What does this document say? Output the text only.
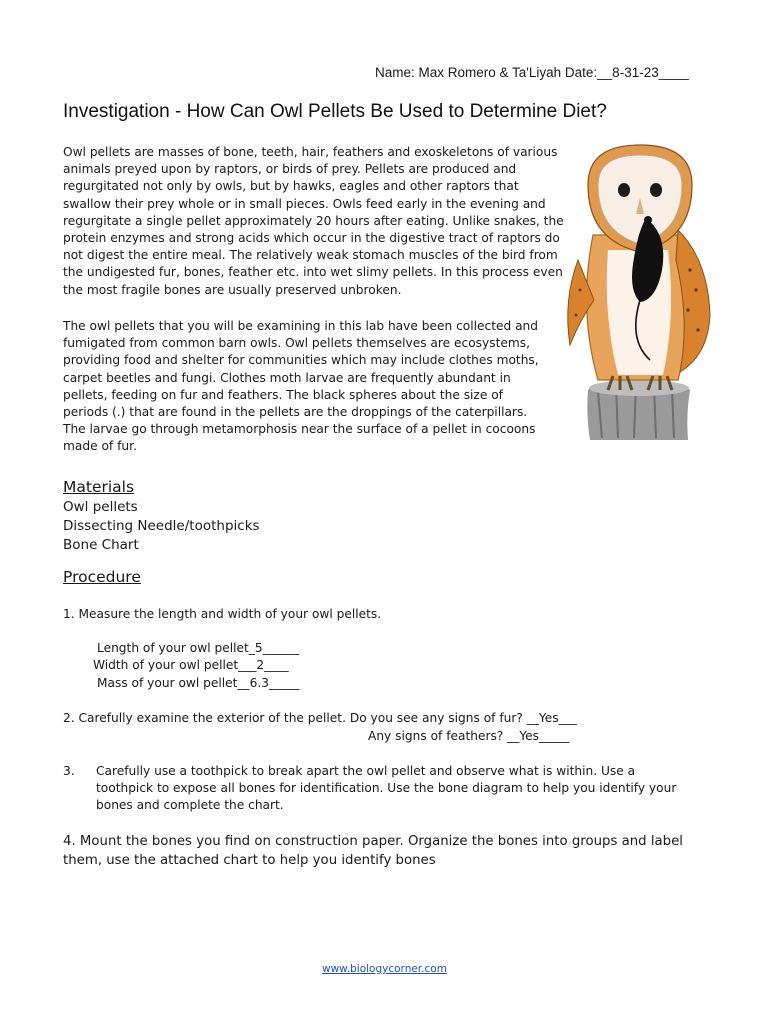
Name: Max Romero & Ta'Liyah Date:__8-31-23____
Investigation - How Can Owl Pellets Be Used to Determine Diet?

Owl pellets are masses of bone, teeth, hair, feathers and exoskeletons of various
animals preyed upon by raptors, or birds of prey. Pellets are produced and
regurgitated not only by owls, but by hawks, eagles and other raptors that
swallow their prey whole or in small pieces. Owls feed early in the evening and
regurgitate a single pellet approximately 20 hours after eating. Unlike snakes, the
protein enzymes and strong acids which occur in the digestive tract of raptors do
not digest the entire meal. The relatively weak stomach muscles of the bird from
the undigested fur, bones, feather etc. into wet slimy pellets. In this process even
the most fragile bones are usually preserved unbroken.

The owl pellets that you will be examining in this lab have been collected and
fumigated from common barn owls. Owl pellets themselves are ecosystems,
providing food and shelter for communities which may include clothes moths,
carpet beetles and fungi. Clothes moth larvae are frequently abundant in
pellets, feeding on fur and feathers. The black spheres about the size of
periods (.) that are found in the pellets are the droppings of the caterpillars.
The larvae go through metamorphosis near the surface of a pellet in cocoons
made of fur.

Materials
Owl pellets
Dissecting Needle/toothpicks
Bone Chart
Procedure
1. Measure the length and width of your owl pellets.
Length of your owl pellet_5______
Width of your owl pellet___2____
Mass of your owl pellet__6.3_____
2. Carefully examine the exterior of the pellet. Do you see any signs of fur? __Yes___
Any signs of feathers? __Yes_____
3. Carefully use a toothpick to break apart the owl pellet and observe what is within. Use a
toothpick to expose all bones for identification. Use the bone diagram to help you identify your
bones and complete the chart.
4. Mount the bones you find on construction paper. Organize the bones into groups and label
them, use the attached chart to help you identify bones
www.biologycorner.com
